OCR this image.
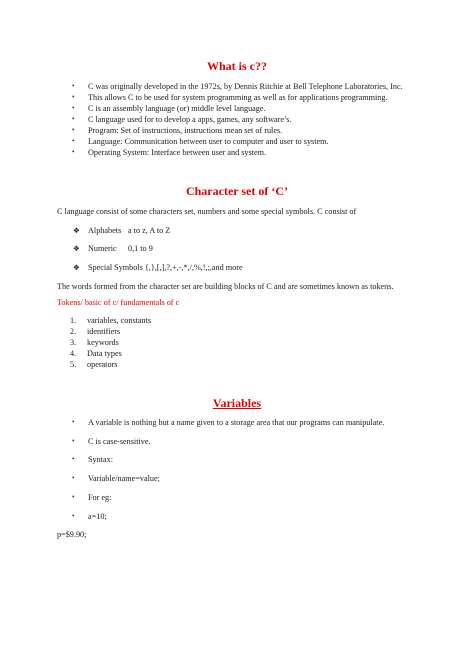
What is c??
• C was originally developed in the 1972s, by Dennis Ritchie at Bell Telephone Laboratories, Inc.
• This allows C to be used for system programming as well as for applications programming.
• C is an assembly language (or) middle level language.
• C language used for to develop a apps, games, any software’s.
• Program: Set of instructions, instructions mean set of rules.
• Language: Communication between user to computer and user to system.
• Operating System: Interface between user and system.
Character set of ‘C’
C language consist of some characters set, numbers and some special symbols. C consist of
❖ Alphabets a to z, A to Z
❖ Numeric 0,1 to 9
❖ Special Symbols {,},[,],?,+,-,*,/,%,!,;,and more
The words formed from the character set are building blocks of C and are sometimes known as tokens.
Tokens/ basic of c/ fundamentals of c
1. variables, constants
2. identifiers
3. keywords
4. Data types
5. operators
Variables
• A variable is nothing but a name given to a storage area that our programs can manipulate.
• C is case-sensitive.
• Syntax:
• Variable/name=value;
• For eg:
• a=10;
p=$9.90;
